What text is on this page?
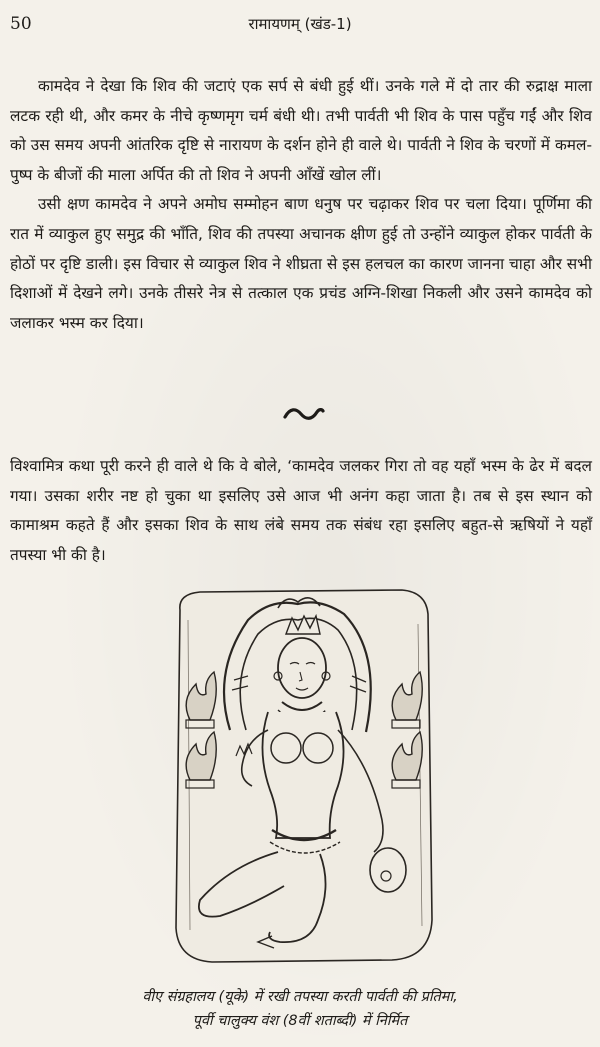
50	रामायणम् (खंड-1)

कामदेव ने देखा कि शिव की जटाएं एक सर्प से बंधी हुई थीं। उनके गले में दो तार की रुद्राक्ष माला लटक रही थी, और कमर के नीचे कृष्णमृग चर्म बंधी थी। तभी पार्वती भी शिव के पास पहुँच गईं और शिव को उस समय अपनी आंतरिक दृष्टि से नारायण के दर्शन होने ही वाले थे। पार्वती ने शिव के चरणों में कमल-पुष्प के बीजों की माला अर्पित की तो शिव ने अपनी आँखें खोल लीं।

उसी क्षण कामदेव ने अपने अमोघ सम्मोहन बाण धनुष पर चढ़ाकर शिव पर चला दिया। पूर्णिमा की रात में व्याकुल हुए समुद्र की भाँति, शिव की तपस्या अचानक क्षीण हुई तो उन्होंने व्याकुल होकर पार्वती के होठों पर दृष्टि डाली। इस विचार से व्याकुल शिव ने शीघ्रता से इस हलचल का कारण जानना चाहा और सभी दिशाओं में देखने लगे। उनके तीसरे नेत्र से तत्काल एक प्रचंड अग्नि-शिखा निकली और उसने कामदेव को जलाकर भस्म कर दिया।

विश्वामित्र कथा पूरी करने ही वाले थे कि वे बोले, ‘कामदेव जलकर गिरा तो वह यहाँ भस्म के ढेर में बदल गया। उसका शरीर नष्ट हो चुका था इसलिए उसे आज भी अनंग कहा जाता है। तब से इस स्थान को कामाश्रम कहते हैं और इसका शिव के साथ लंबे समय तक संबंध रहा इसलिए बहुत-से ऋषियों ने यहाँ तपस्या भी की है।

वीए संग्रहालय (यूके) में रखी तपस्या करती पार्वती की प्रतिमा,
पूर्वी चालुक्य वंश (8वीं शताब्दी) में निर्मित
